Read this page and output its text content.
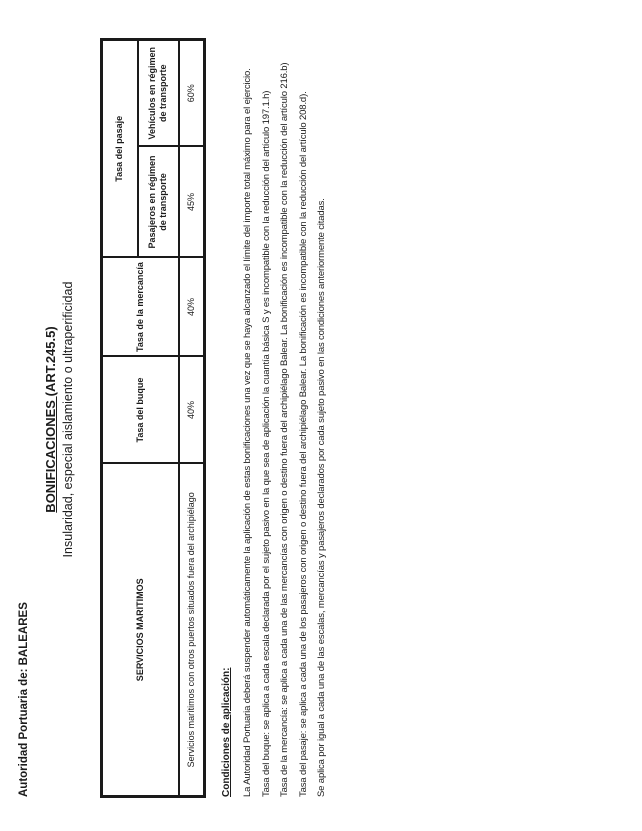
Autoridad Portuaria de: BALEARES
BONIFICACIONES (ART.245.5) Insularidad, especial aislamiento o ultraperificidad
SERVICIOS MARITIMOS	Tasa del buque	Tasa de la mercancía	Tasa del pasaje	
			Pasajeros en régimen de transporte	Vehículos en régimen de transporte
Servicios marítimos con otros puertos situados fuera del archipiélago	40%	40%	45%	60%
Condiciones de aplicación: La Autoridad Portuaria deberá suspender automáticamente la aplicación de estas bonificaciones una vez que se haya alcanzado el límite del importe total máximo para el ejercicio. Tasa del buque: se aplica a cada escala declarada por el sujeto pasivo en la que sea de aplicación la cuantía básica S y es incompatible con la reducción del artículo 197.1.h) Tasa de la mercancía: se aplica a cada una de las mercancías con origen o destino fuera del archipiélago Balear. La bonificación es incompatible con la reducción del artículo 216.b) Tasa del pasaje: se aplica a cada una de los pasajeros con origen o destino fuera del archipiélago Balear. La bonificación es incompatible con la reducción del artículo 208.d). Se aplica por igual a cada una de las escalas, mercancías y pasajeros declarados por cada sujeto pasivo en las condiciones anteriormente citadas.
